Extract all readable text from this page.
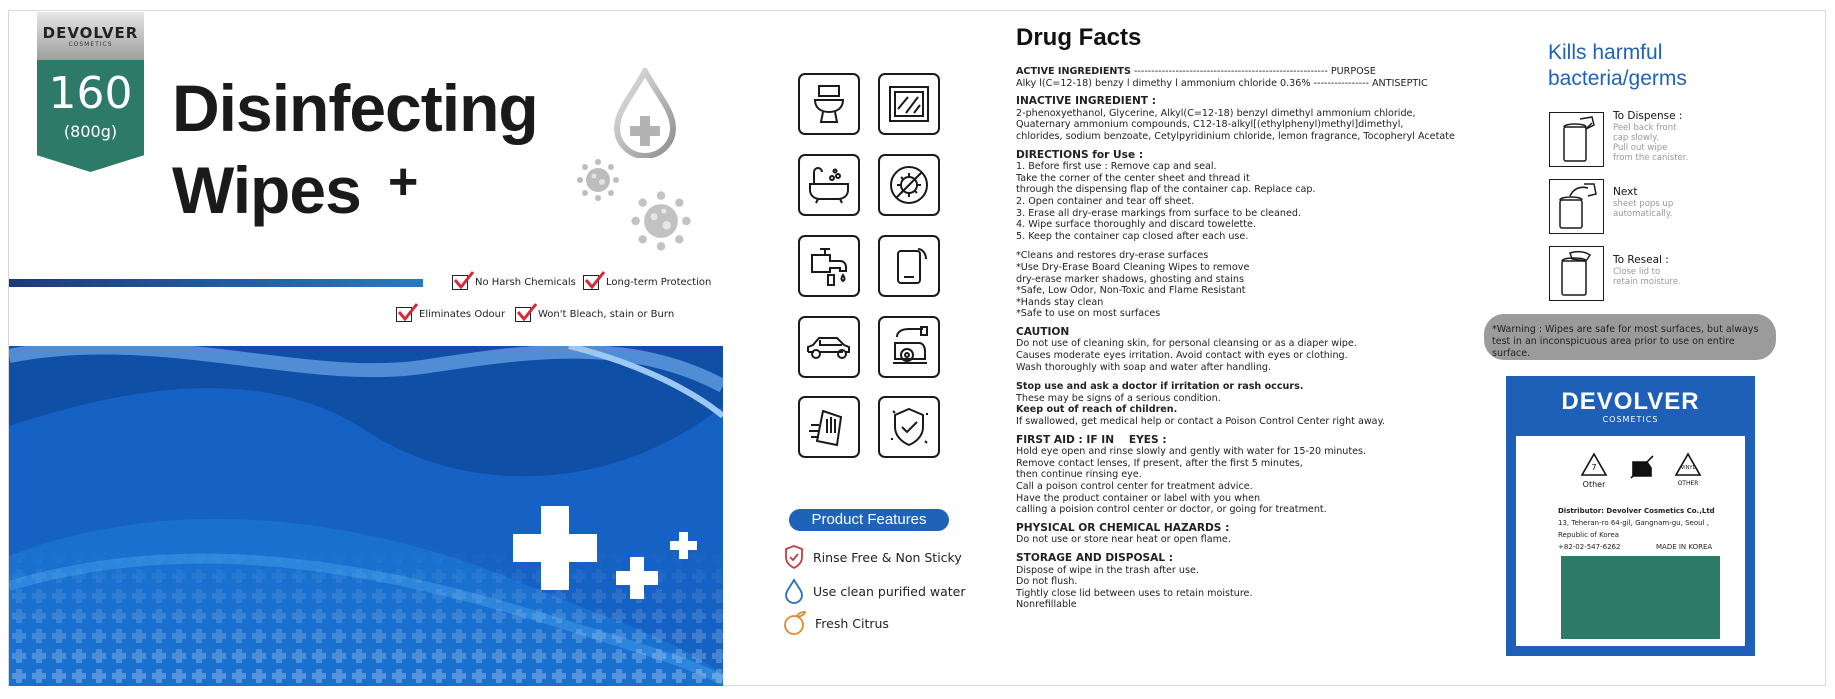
DEVOLVER
COSMETICS
160
(800g) Disinfecting
Wipes +
No Harsh Chemicals	Long-term Protection
Eliminates Odour	Won't Bleach, stain or Burn
Product Features
Rinse Free & Non Sticky
Use clean purified water
Fresh Citrus
Drug Facts

ACTIVE INGREDIENTS -------------------------------------------------------- PURPOSE

Alky l(C=12-18) benzy l dimethy l ammonium chloride 0.36% ---------------- ANTISEPTIC

INACTIVE INGREDIENT :

2-phenoxyethanol, Glycerine, Alkyl(C=12-18) benzyl dimethyl ammonium chloride,

Quaternary ammonium compounds, C12-18-alkyl[(ethylphenyl)methyl]dimethyl,

chlorides, sodium benzoate, Cetylpyridinium chloride, lemon fragrance, Tocopheryl Acetate

DIRECTIONS for Use :

1. Before first use : Remove cap and seal.

Take the corner of the center sheet and thread it

through the dispensing flap of the container cap. Replace cap.

2. Open container and tear off sheet.

3. Erase all dry-erase markings from surface to be cleaned.

4. Wipe surface thoroughly and discard towelette.

5. Keep the container cap closed after each use.

*Cleans and restores dry-erase surfaces

*Use Dry-Erase Board Cleaning Wipes to remove

dry-erase marker shadows, ghosting and stains

*Safe, Low Odor, Non-Toxic and Flame Resistant

*Hands stay clean

*Safe to use on most surfaces

CAUTION

Do not use of cleaning skin, for personal cleansing or as a diaper wipe.

Causes moderate eyes irritation. Avoid contact with eyes or clothing.

Wash thoroughly with soap and water after handling.

Stop use and ask a doctor if irritation or rash occurs.

These may be signs of a serious condition.

Keep out of reach of children.

If swallowed, get medical help or contact a Poison Control Center right away.

FIRST AID : IF IN    EYES :

Hold eye open and rinse slowly and gently with water for 15-20 minutes.

Remove contact lenses, If present, after the first 5 minutes,

then continue rinsing eye.

Call a poison control center for treatment advice.

Have the product container or label with you when

calling a poision control center or doctor, or going for treatment.

PHYSICAL OR CHEMICAL HAZARDS :

Do not use or store near heat or open flame.

STORAGE AND DISPOSAL :

Dispose of wipe in the trash after use.

Do not flush.

Tightly close lid between uses to retain moisture.

Nonrefillable

Kills harmful
bacteria/germs
To Dispense :
Peel back front
cap slowly.
Pull out wipe
from the canister.
Next
sheet pops up
automatically.
To Reseal :
Close lid to
retain moisture.
*Warning : Wipes are safe for most surfaces, but always
test in an inconspicuous area prior to use on entire surface.
DEVOLVER
COSMETICS
7
Other
VINYL
OTHER
Distributor: Devolver Cosmetics Co.,Ltd
13, Teheran-ro 64-gil, Gangnam-gu, Seoul ,
Republic of Korea
+82-02-547-6262	MADE IN KOREA
